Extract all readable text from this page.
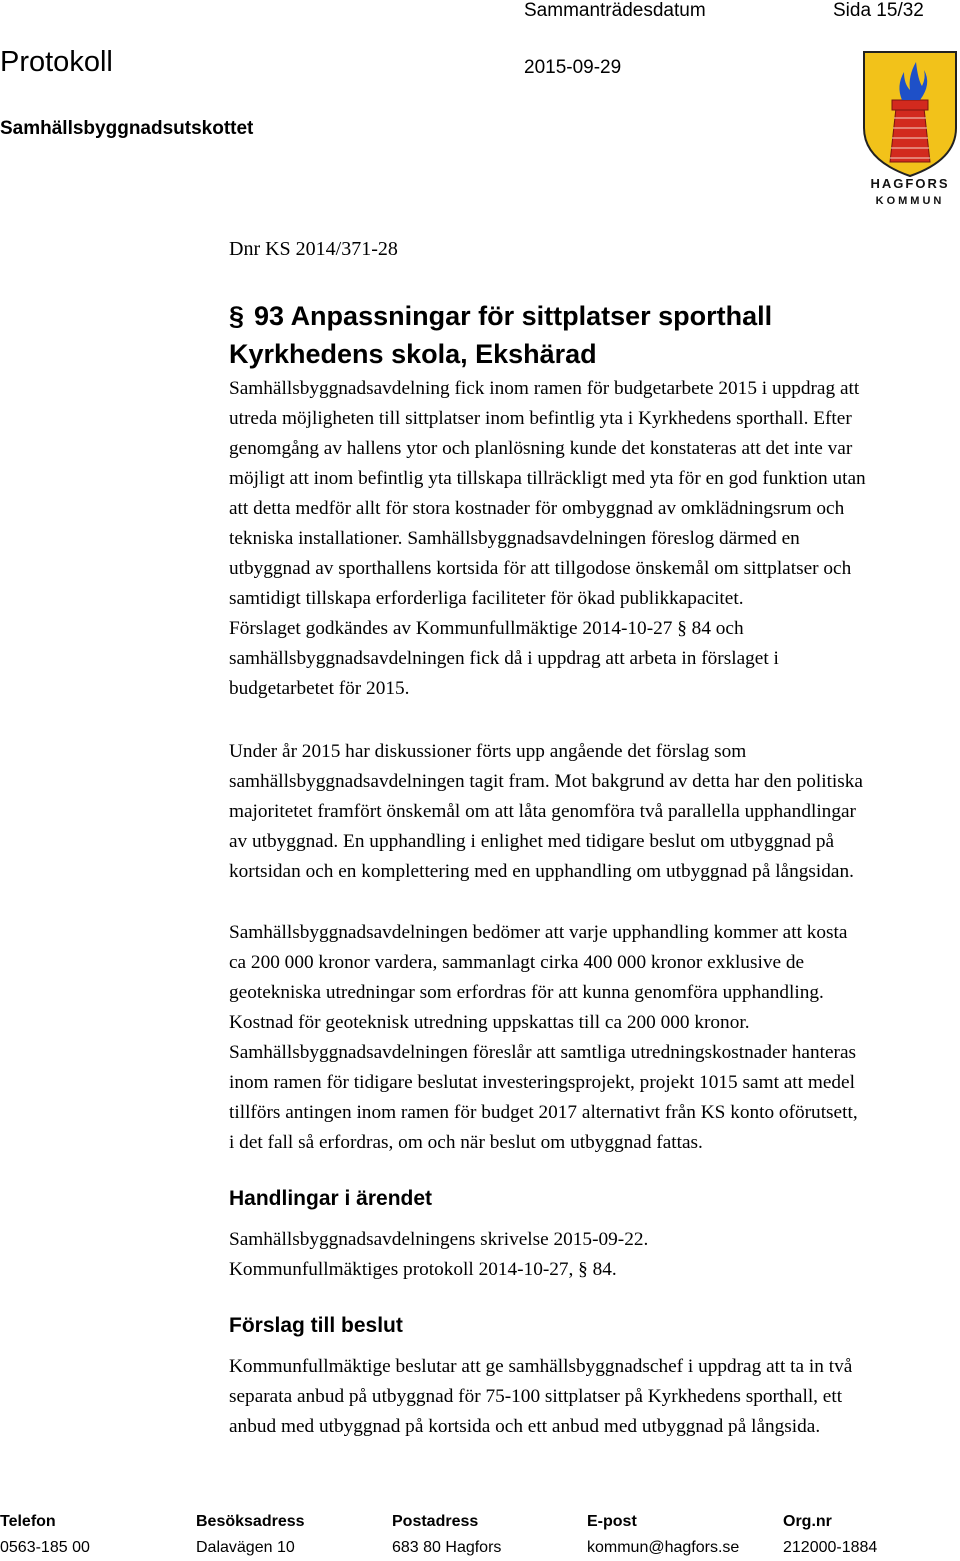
Sammanträdesdatum	Sida 15/32
Protokoll	2015-09-29
Samhällsbyggnadsutskottet
HAGFORS
KOMMUN
Dnr KS 2014/371-28
§ 93 Anpassningar för sittplatser sporthall
Kyrkhedens skola, Ekshärad
Samhällsbyggnadsavdelning fick inom ramen för budgetarbete 2015 i uppdrag att
utreda möjligheten till sittplatser inom befintlig yta i Kyrkhedens sporthall. Efter
genomgång av hallens ytor och planlösning kunde det konstateras att det inte var
möjligt att inom befintlig yta tillskapa tillräckligt med yta för en god funktion utan
att detta medför allt för stora kostnader för ombyggnad av omklädningsrum och
tekniska installationer. Samhällsbyggnadsavdelningen föreslog därmed en
utbyggnad av sporthallens kortsida för att tillgodose önskemål om sittplatser och
samtidigt tillskapa erforderliga faciliteter för ökad publikkapacitet.
Förslaget godkändes av Kommunfullmäktige 2014-10-27 § 84 och
samhällsbyggnadsavdelningen fick då i uppdrag att arbeta in förslaget i
budgetarbetet för 2015.
Under år 2015 har diskussioner förts upp angående det förslag som
samhällsbyggnadsavdelningen tagit fram. Mot bakgrund av detta har den politiska
majoritetet framfört önskemål om att låta genomföra två parallella upphandlingar
av utbyggnad. En upphandling i enlighet med tidigare beslut om utbyggnad på
kortsidan och en komplettering med en upphandling om utbyggnad på långsidan.
Samhällsbyggnadsavdelningen bedömer att varje upphandling kommer att kosta
ca 200 000 kronor vardera, sammanlagt cirka 400 000 kronor exklusive de
geotekniska utredningar som erfordras för att kunna genomföra upphandling.
Kostnad för geoteknisk utredning uppskattas till ca 200 000 kronor.
Samhällsbyggnadsavdelningen föreslår att samtliga utredningskostnader hanteras
inom ramen för tidigare beslutat investeringsprojekt, projekt 1015 samt att medel
tillförs antingen inom ramen för budget 2017 alternativt från KS konto oförutsett,
i det fall så erfordras, om och när beslut om utbyggnad fattas.
Handlingar i ärendet
Samhällsbyggnadsavdelningens skrivelse 2015-09-22.
Kommunfullmäktiges protokoll 2014-10-27, § 84.
Förslag till beslut
Kommunfullmäktige beslutar att ge samhällsbyggnadschef i uppdrag att ta in två
separata anbud på utbyggnad för 75-100 sittplatser på Kyrkhedens sporthall, ett
anbud med utbyggnad på kortsida och ett anbud med utbyggnad på långsida.
Telefon
0563-185 00
Besöksadress
Dalavägen 10
Postadress
683 80 Hagfors
E-post
kommun@hagfors.se
Org.nr
212000-1884
